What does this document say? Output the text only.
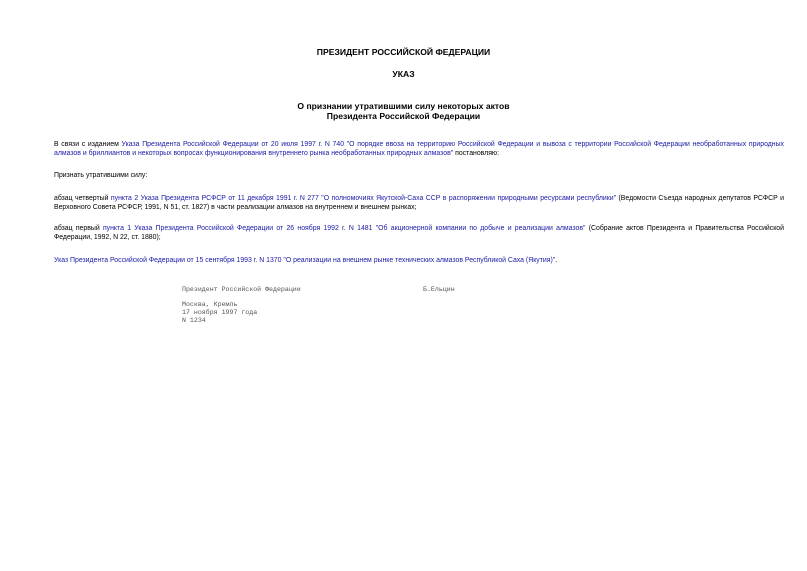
ПРЕЗИДЕНТ РОССИЙСКОЙ ФЕДЕРАЦИИ
УКАЗ
О признании утратившими силу некоторых актов
Президента Российской Федерации
В связи с изданием Указа Президента Российской Федерации от 20 июля 1997 г. N 740 "О порядке ввоза на территорию Российской Федерации и вывоза с территории Российской Федерации необработанных природных алмазов и бриллиантов и некоторых вопросах функционирования внутреннего рынка необработанных природных алмазов" постановляю:
Признать утратившими силу:
абзац четвертый пункта 2 Указа Президента РСФСР от 11 декабря 1991 г. N 277 "О полномочиях Якутской-Саха ССР в распоряжении природными ресурсами республики" (Ведомости Съезда народных депутатов РСФСР и Верховного Совета РСФСР, 1991, N 51, ст. 1827) в части реализации алмазов на внутреннем и внешнем рынках;
абзац первый пункта 1 Указа Президента Российской Федерации от 26 ноября 1992 г. N 1481 "Об акционерной компании по добыче и реализации алмазов" (Собрание актов Президента и Правительства Российской Федерации, 1992, N 22, ст. 1880);
Указ Президента Российской Федерации от 15 сентября 1993 г. N 1370 "О реализации на внешнем рынке технических алмазов Республикой Саха (Якутия)".
Президент Российской Федерации	Б.Ельцин
Москва, Кремль
17 ноября 1997 года
N 1234
